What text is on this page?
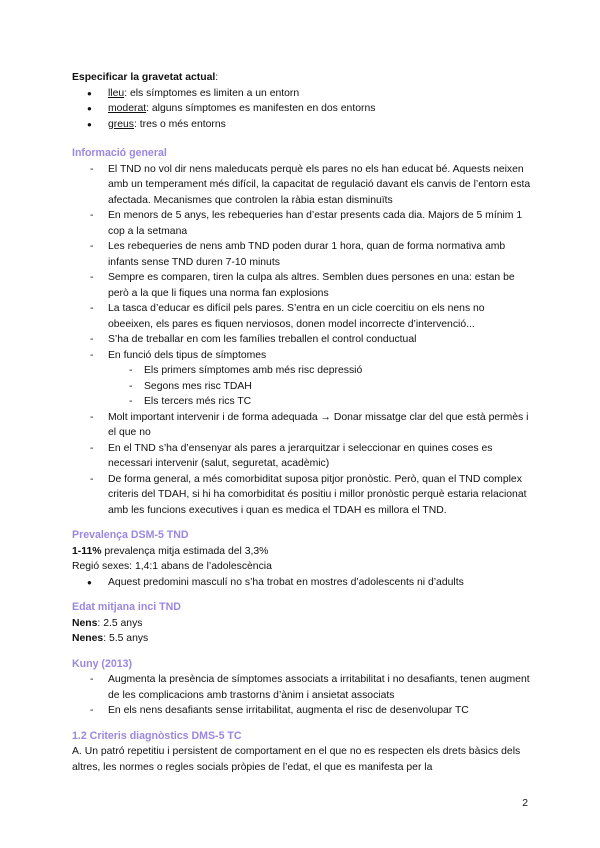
Especificar la gravetat actual:

● lleu: els símptomes es limiten a un entorn
● moderat: alguns símptomes es manifesten en dos entorns
● greus: tres o més entorns

Informació general

- El TND no vol dir nens maleducats perquè els pares no els han educat bé. Aquests neixen amb un temperament més difícil, la capacitat de regulació davant els canvis de l’entorn esta afectada. Mecanismes que controlen la ràbia estan disminuïts
- En menors de 5 anys, les rebequeries han d’estar presents cada dia. Majors de 5 mínim 1 cop a la setmana
- Les rebequeries de nens amb TND poden durar 1 hora, quan de forma normativa amb infants sense TND duren 7-10 minuts
- Sempre es comparen, tiren la culpa als altres. Semblen dues persones en una: estan be però a la que li fiques una norma fan explosions
- La tasca d’educar es difícil pels pares. S’entra en un cicle coercitiu on els nens no obeeixen, els pares es fiquen nerviosos, donen model incorrecte d’intervenció...
- S’ha de treballar en com les famílies treballen el control conductual
- En funció dels tipus de símptomes
- Els primers símptomes amb més risc depressió
- Segons mes risc TDAH
- Els tercers més rics TC
- Molt important intervenir i de forma adequada → Donar missatge clar del que està permès i el que no
- En el TND s’ha d’ensenyar als pares a jerarquitzar i seleccionar en quines coses es necessari intervenir (salut, seguretat, acadèmic)
- De forma general, a més comorbiditat suposa pitjor pronòstic. Però, quan el TND complex criteris del TDAH, si hi ha comorbiditat és positiu i millor pronòstic perquè estaria relacionat amb les funcions executives i quan es medica el TDAH es millora el TND.

Prevalença DSM-5 TND

1-11% prevalença mitja estimada del 3,3%

Regió sexes: 1,4:1 abans de l’adolescència

● Aquest predomini masculí no s’ha trobat en mostres d’adolescents ni d’adults

Edat mitjana inci TND

Nens: 2.5 anys

Nenes: 5.5 anys

Kuny (2013)

- Augmenta la presència de símptomes associats a irritabilitat i no desafiants, tenen augment de les complicacions amb trastorns d’ànim i ansietat associats
- En els nens desafiants sense irritabilitat, augmenta el risc de desenvolupar TC

1.2 Criteris diagnòstics DMS-5 TC

A. Un patró repetitiu i persistent de comportament en el que no es respecten els drets bàsics dels altres, les normes o regles socials pròpies de l’edat, el que es manifesta per la

2
